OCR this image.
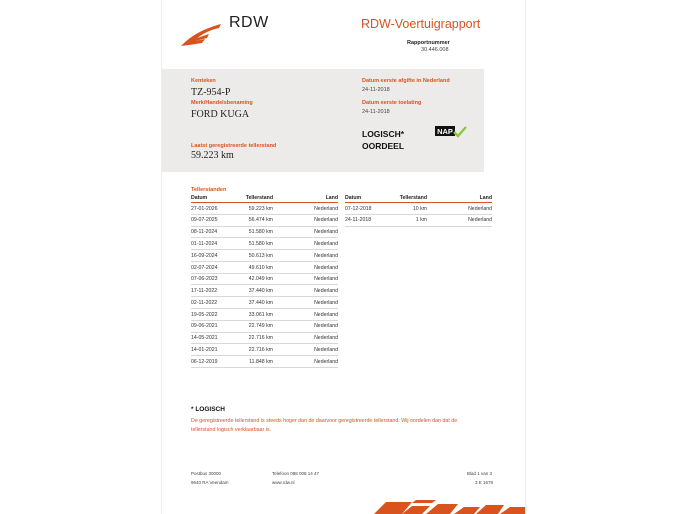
RDW	RDW-Voertuigrapport
Rapportnummer
30.446.008
Kenteken
TZ-954-P
Merk/Handelsbenaming
FORD KUGA
Laatst geregistreerde tellerstand
59.223 km
Datum eerste afgifte in Nederland
24-11-2018
Datum eerste toelating
24-11-2018
LOGISCH*
OORDEEL
NAP
Tellerstanden
Datum	Tellerstand	Land
27-01-2026	59.223 km	Nederland
09-07-2025	56.474 km	Nederland
08-11-2024	51.580 km	Nederland
01-11-2024	51.580 km	Nederland
16-09-2024	50.613 km	Nederland
02-07-2024	49.610 km	Nederland
07-06-2023	42.049 km	Nederland
17-11-2022	37.440 km	Nederland
02-11-2022	37.440 km	Nederland
19-05-2022	33.061 km	Nederland
09-06-2021	22.749 km	Nederland
14-05-2021	22.716 km	Nederland
14-01-2021	22.716 km	Nederland
06-12-2019	11.848 km	Nederland
Datum	Tellerstand	Land
07-12-2018	10 km	Nederland
24-11-2018	1 km	Nederland
* LOGISCH
De geregistreerde tellerstand is steeds hoger dan de daarvoor geregistreerde tellerstand. Wij oordelen dan dat de tellerstand logisch verklaarbaar is.
Postbus 30000
9640 RA Veendam
Telefoon 088 008 14 47
www.rdw.nl
Blad 1 van 3
3 E 1679
